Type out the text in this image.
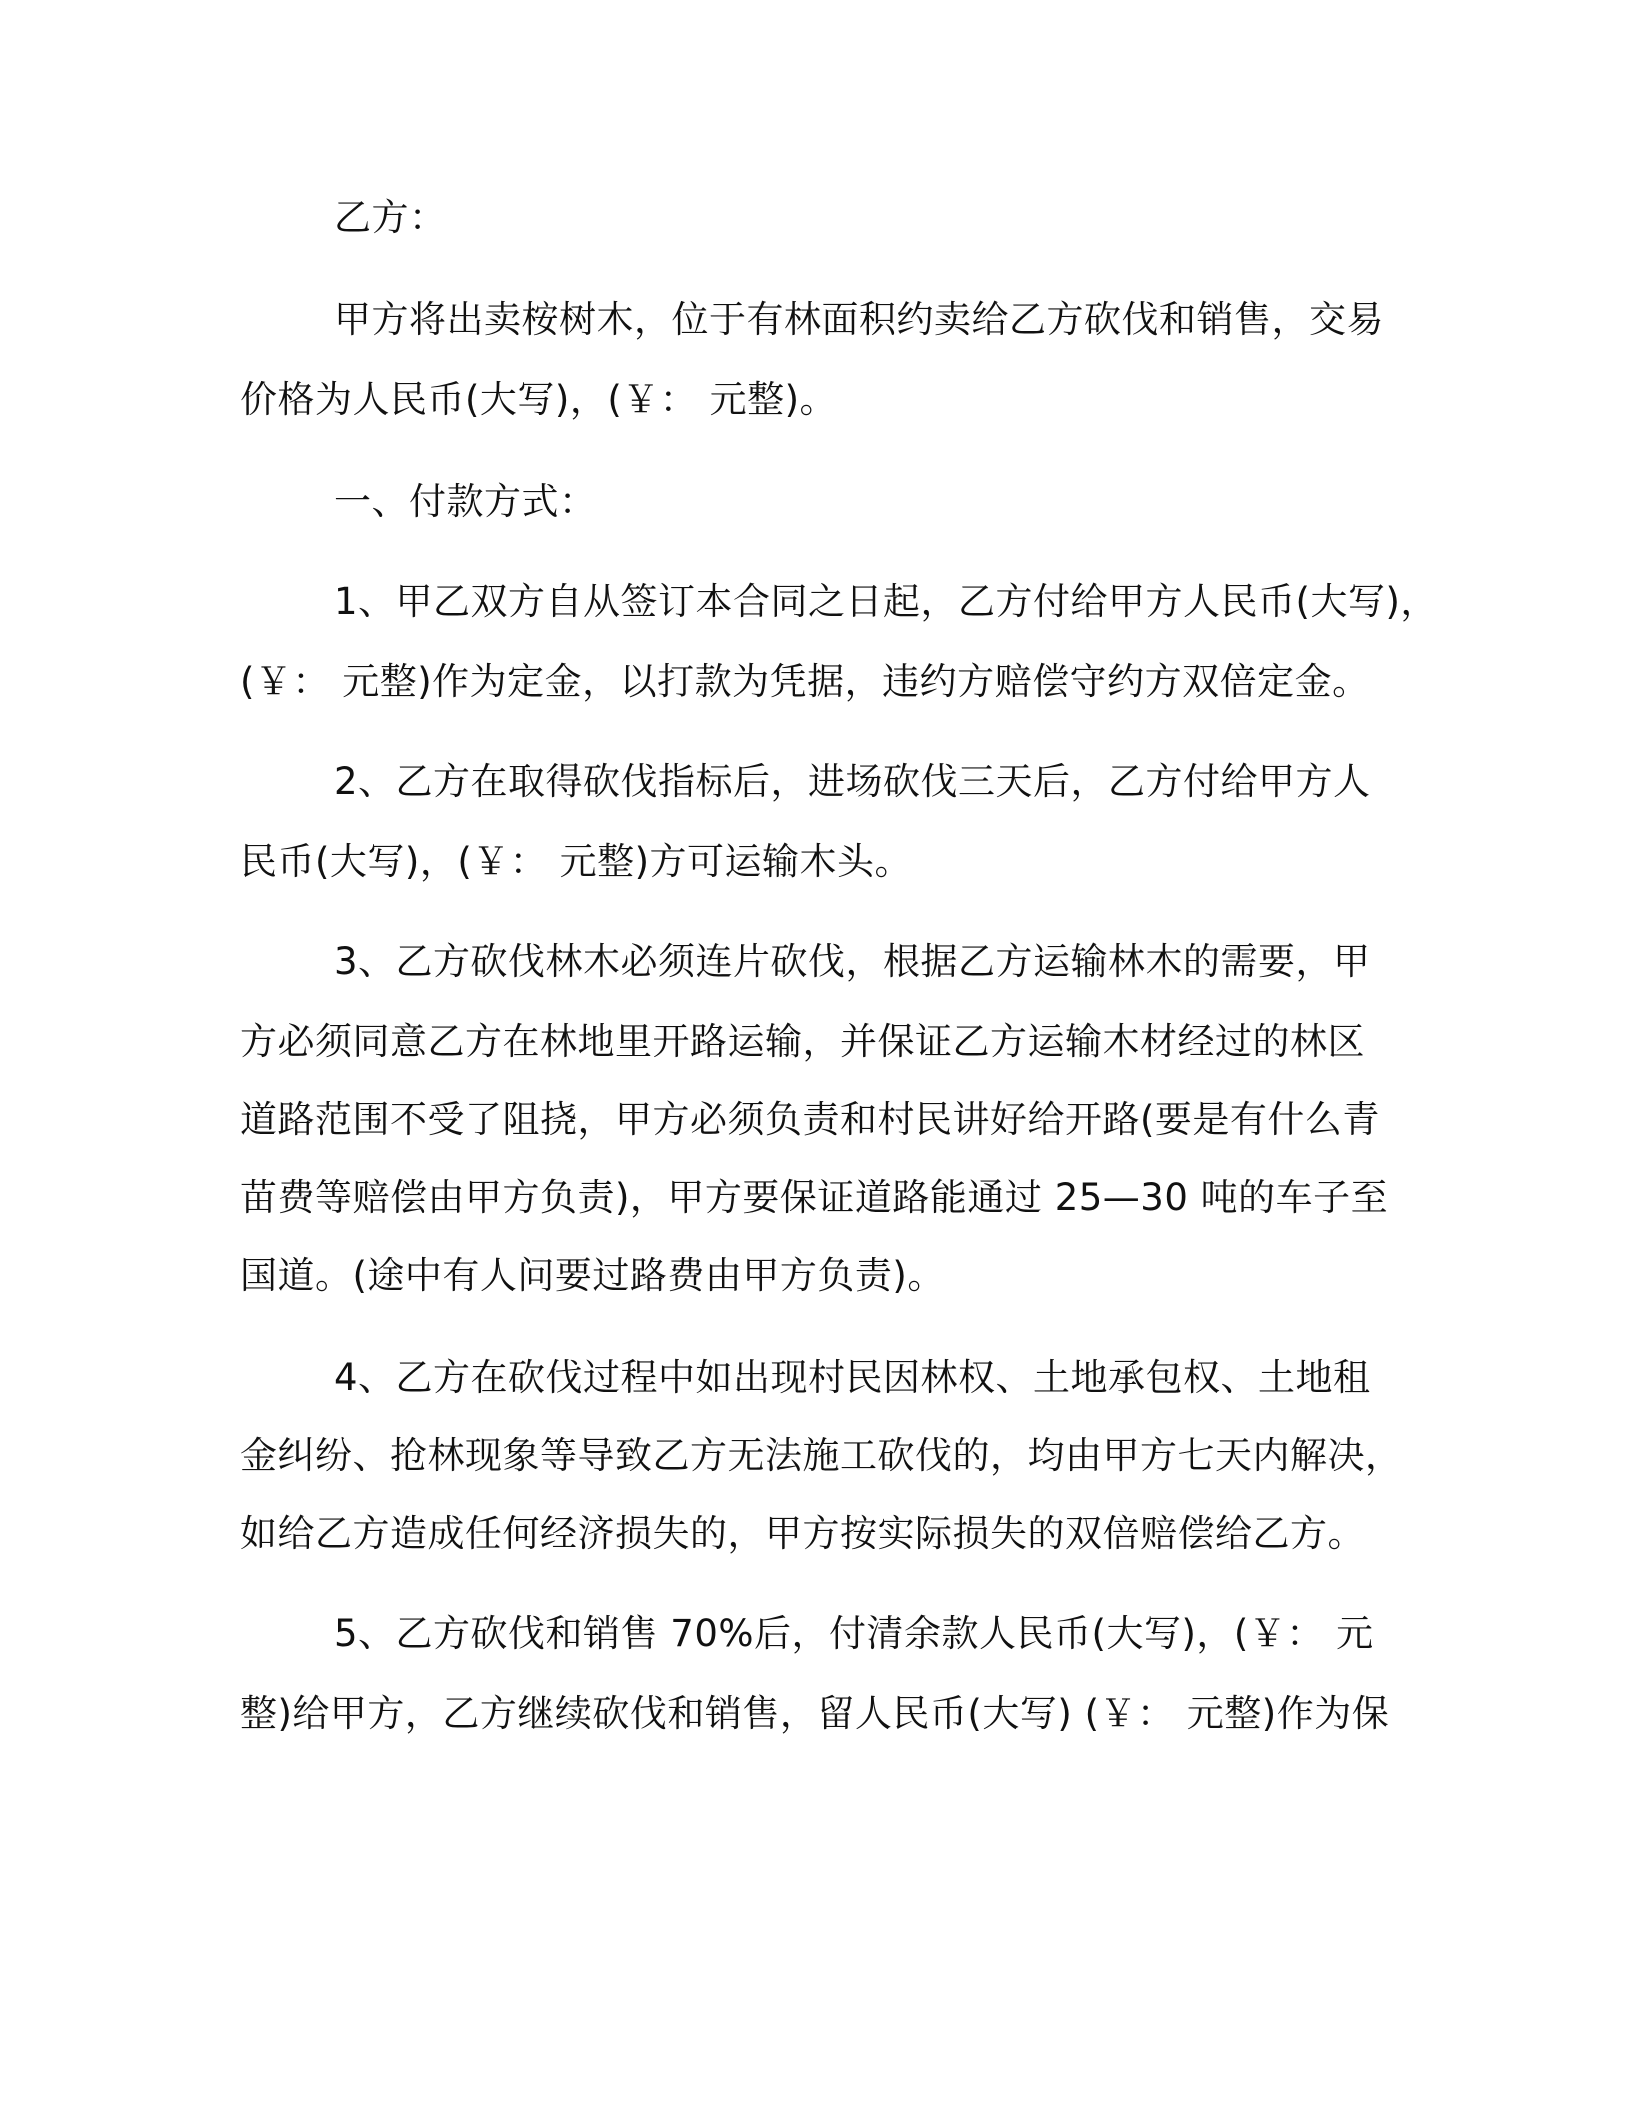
乙方：
甲方将出卖桉树木，位于有林面积约卖给乙方砍伐和销售，交易
价格为人民币(大写)，(￥： 元整)。
一、付款方式：
1、甲乙双方自从签订本合同之日起，乙方付给甲方人民币(大写)，
(￥： 元整)作为定金，以打款为凭据，违约方赔偿守约方双倍定金。
2、乙方在取得砍伐指标后，进场砍伐三天后，乙方付给甲方人
民币(大写)，(￥： 元整)方可运输木头。
3、乙方砍伐林木必须连片砍伐，根据乙方运输林木的需要，甲
方必须同意乙方在林地里开路运输，并保证乙方运输木材经过的林区
道路范围不受了阻挠，甲方必须负责和村民讲好给开路(要是有什么青
苗费等赔偿由甲方负责)，甲方要保证道路能通过 25—30 吨的车子至
国道。(途中有人问要过路费由甲方负责)。
4、乙方在砍伐过程中如出现村民因林权、土地承包权、土地租
金纠纷、抢林现象等导致乙方无法施工砍伐的，均由甲方七天内解决，
如给乙方造成任何经济损失的，甲方按实际损失的双倍赔偿给乙方。
5、乙方砍伐和销售 70%后，付清余款人民币(大写)，(￥： 元
整)给甲方，乙方继续砍伐和销售，留人民币(大写) (￥： 元整)作为保
